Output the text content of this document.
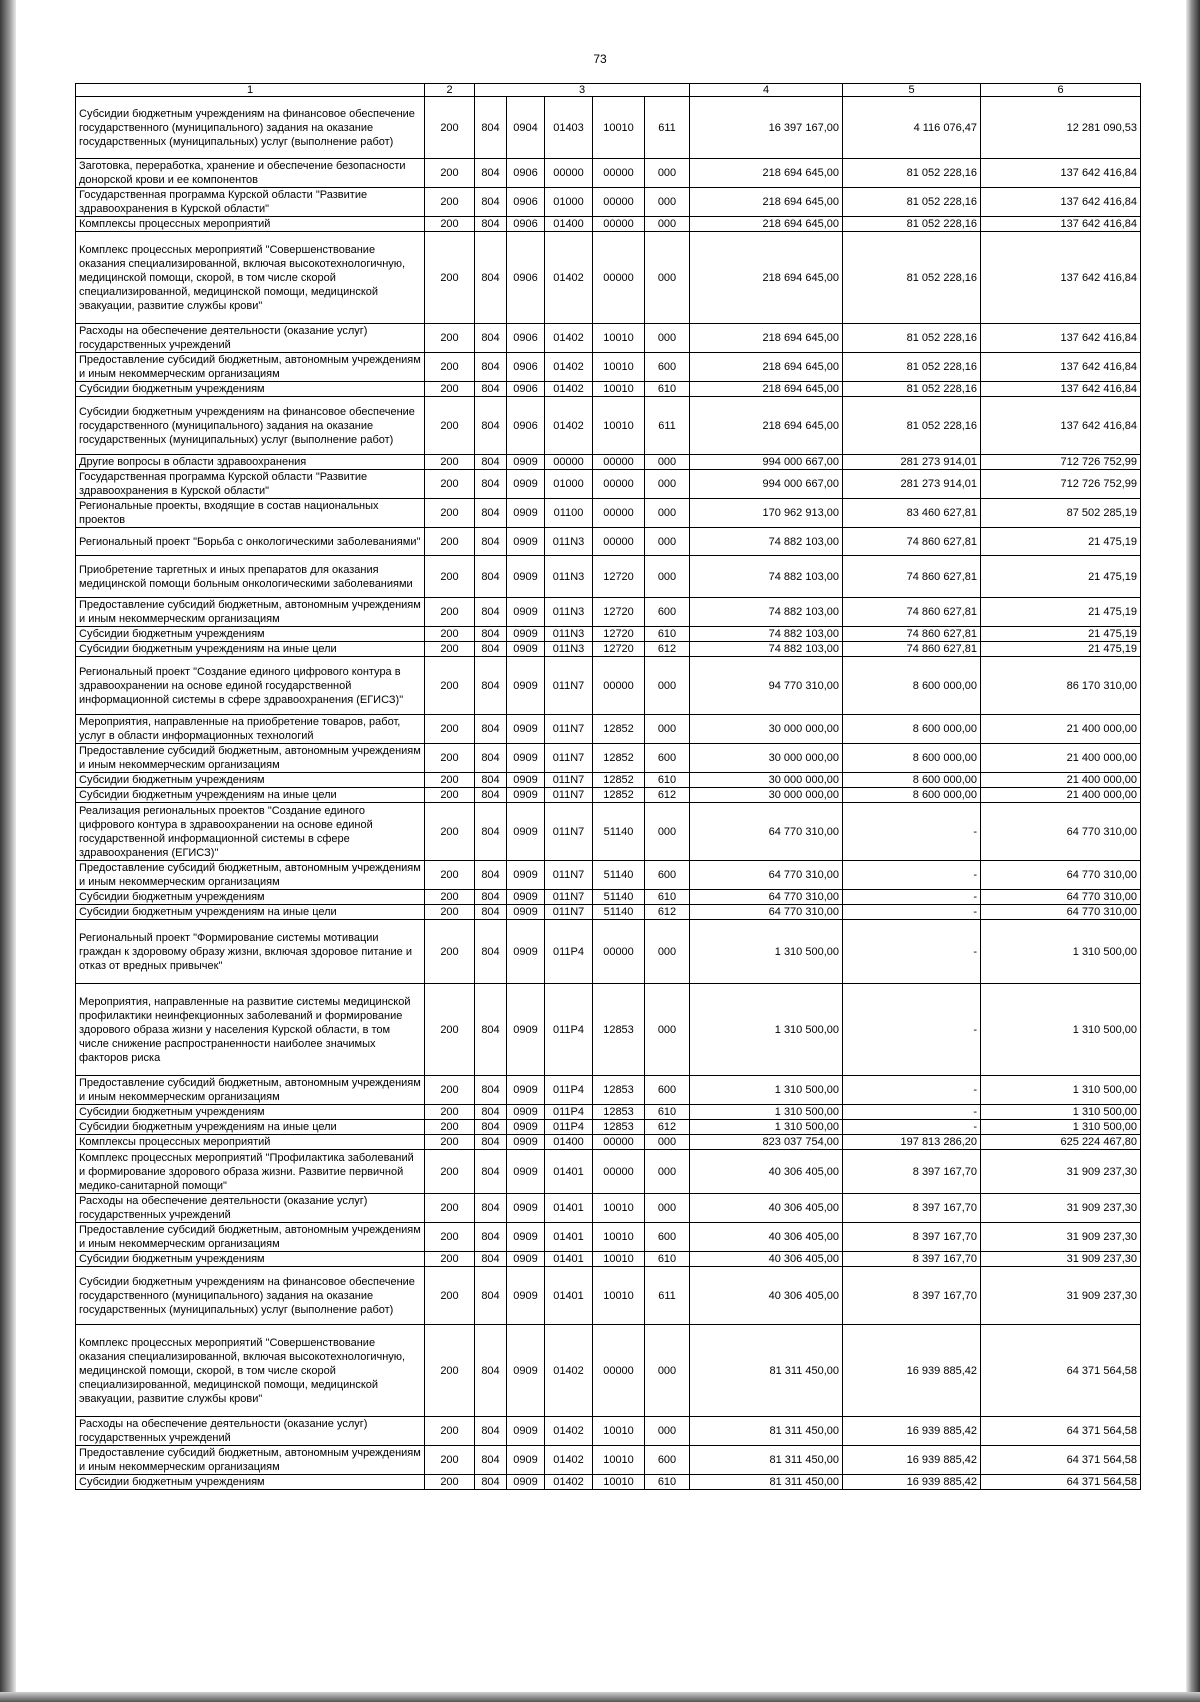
73
1	2	3					4	5	6
Субсидии бюджетным учреждениям на финансовое обеспечение государственного (муниципального) задания на оказание государственных (муниципальных) услуг (выполнение работ)	200	804	0904	01403	10010	611	16 397 167,00	4 116 076,47	12 281 090,53
Заготовка, переработка, хранение и обеспечение безопасности донорской крови и ее компонентов	200	804	0906	00000	00000	000	218 694 645,00	81 052 228,16	137 642 416,84
Государственная программа Курской области "Развитие здравоохранения в Курской области"	200	804	0906	01000	00000	000	218 694 645,00	81 052 228,16	137 642 416,84
Комплексы процессных мероприятий	200	804	0906	01400	00000	000	218 694 645,00	81 052 228,16	137 642 416,84
Комплекс процессных мероприятий "Совершенствование оказания специализированной, включая высокотехнологичную, медицинской помощи, скорой, в том числе скорой специализированной, медицинской помощи, медицинской эвакуации, развитие службы крови"	200	804	0906	01402	00000	000	218 694 645,00	81 052 228,16	137 642 416,84
Расходы на обеспечение деятельности (оказание услуг) государственных учреждений	200	804	0906	01402	10010	000	218 694 645,00	81 052 228,16	137 642 416,84
Предоставление субсидий бюджетным, автономным учреждениям и иным некоммерческим организациям	200	804	0906	01402	10010	600	218 694 645,00	81 052 228,16	137 642 416,84
Субсидии бюджетным учреждениям	200	804	0906	01402	10010	610	218 694 645,00	81 052 228,16	137 642 416,84
Субсидии бюджетным учреждениям на финансовое обеспечение государственного (муниципального) задания на оказание государственных (муниципальных) услуг (выполнение работ)	200	804	0906	01402	10010	611	218 694 645,00	81 052 228,16	137 642 416,84
Другие вопросы в области здравоохранения	200	804	0909	00000	00000	000	994 000 667,00	281 273 914,01	712 726 752,99
Государственная программа Курской области "Развитие здравоохранения в Курской области"	200	804	0909	01000	00000	000	994 000 667,00	281 273 914,01	712 726 752,99
Региональные проекты, входящие в состав национальных проектов	200	804	0909	01100	00000	000	170 962 913,00	83 460 627,81	87 502 285,19
Региональный проект "Борьба с онкологическими заболеваниями"	200	804	0909	011N3	00000	000	74 882 103,00	74 860 627,81	21 475,19
Приобретение таргетных и иных препаратов для оказания медицинской помощи больным онкологическими заболеваниями	200	804	0909	011N3	12720	000	74 882 103,00	74 860 627,81	21 475,19
Предоставление субсидий бюджетным, автономным учреждениям и иным некоммерческим организациям	200	804	0909	011N3	12720	600	74 882 103,00	74 860 627,81	21 475,19
Субсидии бюджетным учреждениям	200	804	0909	011N3	12720	610	74 882 103,00	74 860 627,81	21 475,19
Субсидии бюджетным учреждениям на иные цели	200	804	0909	011N3	12720	612	74 882 103,00	74 860 627,81	21 475,19
Региональный проект "Создание единого цифрового контура в здравоохранении на основе единой государственной информационной системы в сфере здравоохранения (ЕГИСЗ)"	200	804	0909	011N7	00000	000	94 770 310,00	8 600 000,00	86 170 310,00
Мероприятия, направленные на приобретение товаров, работ, услуг в области информационных технологий	200	804	0909	011N7	12852	000	30 000 000,00	8 600 000,00	21 400 000,00
Предоставление субсидий бюджетным, автономным учреждениям и иным некоммерческим организациям	200	804	0909	011N7	12852	600	30 000 000,00	8 600 000,00	21 400 000,00
Субсидии бюджетным учреждениям	200	804	0909	011N7	12852	610	30 000 000,00	8 600 000,00	21 400 000,00
Субсидии бюджетным учреждениям на иные цели	200	804	0909	011N7	12852	612	30 000 000,00	8 600 000,00	21 400 000,00
Реализация региональных проектов "Создание единого цифрового контура в здравоохранении на основе единой государственной информационной системы в сфере здравоохранения (ЕГИСЗ)"	200	804	0909	011N7	51140	000	64 770 310,00	-	64 770 310,00
Предоставление субсидий бюджетным, автономным учреждениям и иным некоммерческим организациям	200	804	0909	011N7	51140	600	64 770 310,00	-	64 770 310,00
Субсидии бюджетным учреждениям	200	804	0909	011N7	51140	610	64 770 310,00	-	64 770 310,00
Субсидии бюджетным учреждениям на иные цели	200	804	0909	011N7	51140	612	64 770 310,00	-	64 770 310,00
Региональный проект "Формирование системы мотивации граждан к здоровому образу жизни, включая здоровое питание и отказ от вредных привычек"	200	804	0909	011P4	00000	000	1 310 500,00	-	1 310 500,00
Мероприятия, направленные на развитие системы медицинской профилактики неинфекционных заболеваний и формирование здорового образа жизни у населения Курской области, в том числе снижение распространенности наиболее значимых факторов риска	200	804	0909	011P4	12853	000	1 310 500,00	-	1 310 500,00
Предоставление субсидий бюджетным, автономным учреждениям и иным некоммерческим организациям	200	804	0909	011P4	12853	600	1 310 500,00	-	1 310 500,00
Субсидии бюджетным учреждениям	200	804	0909	011P4	12853	610	1 310 500,00	-	1 310 500,00
Субсидии бюджетным учреждениям на иные цели	200	804	0909	011P4	12853	612	1 310 500,00	-	1 310 500,00
Комплексы процессных мероприятий	200	804	0909	01400	00000	000	823 037 754,00	197 813 286,20	625 224 467,80
Комплекс процессных мероприятий "Профилактика заболеваний и формирование здорового образа жизни. Развитие первичной медико-санитарной помощи"	200	804	0909	01401	00000	000	40 306 405,00	8 397 167,70	31 909 237,30
Расходы на обеспечение деятельности (оказание услуг) государственных учреждений	200	804	0909	01401	10010	000	40 306 405,00	8 397 167,70	31 909 237,30
Предоставление субсидий бюджетным, автономным учреждениям и иным некоммерческим организациям	200	804	0909	01401	10010	600	40 306 405,00	8 397 167,70	31 909 237,30
Субсидии бюджетным учреждениям	200	804	0909	01401	10010	610	40 306 405,00	8 397 167,70	31 909 237,30
Субсидии бюджетным учреждениям на финансовое обеспечение государственного (муниципального) задания на оказание государственных (муниципальных) услуг (выполнение работ)	200	804	0909	01401	10010	611	40 306 405,00	8 397 167,70	31 909 237,30
Комплекс процессных мероприятий "Совершенствование оказания специализированной, включая высокотехнологичную, медицинской помощи, скорой, в том числе скорой специализированной, медицинской помощи, медицинской эвакуации, развитие службы крови"	200	804	0909	01402	00000	000	81 311 450,00	16 939 885,42	64 371 564,58
Расходы на обеспечение деятельности (оказание услуг) государственных учреждений	200	804	0909	01402	10010	000	81 311 450,00	16 939 885,42	64 371 564,58
Предоставление субсидий бюджетным, автономным учреждениям и иным некоммерческим организациям	200	804	0909	01402	10010	600	81 311 450,00	16 939 885,42	64 371 564,58
Субсидии бюджетным учреждениям	200	804	0909	01402	10010	610	81 311 450,00	16 939 885,42	64 371 564,58
